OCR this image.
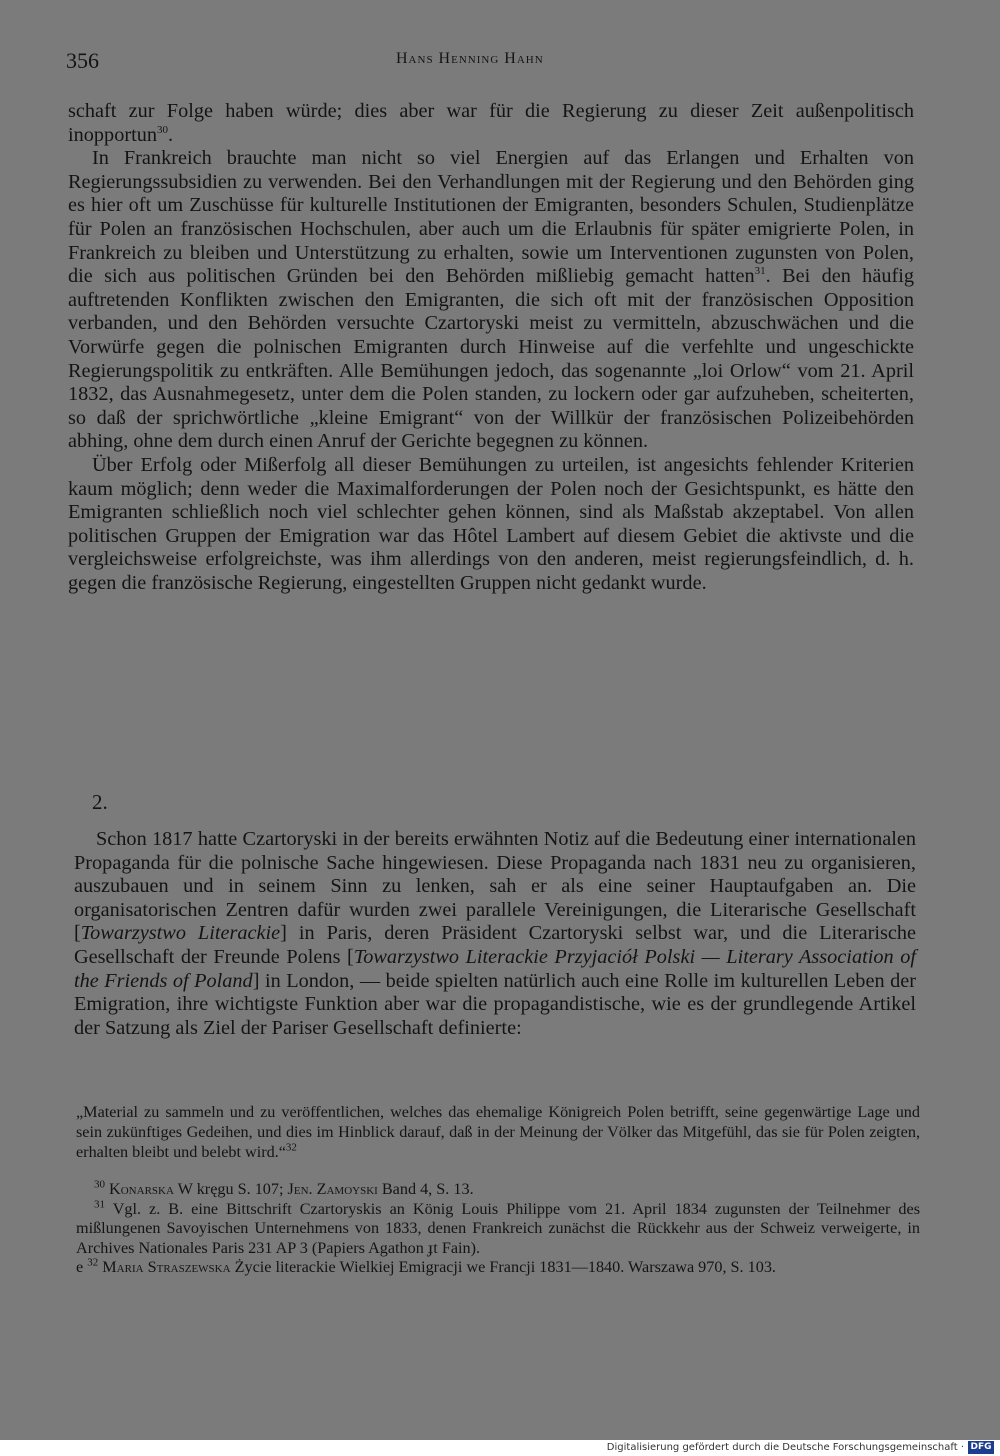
356	Hans Henning Hahn

schaft zur Folge haben würde; dies aber war für die Regierung zu dieser Zeit außenpolitisch inopportun$^{30}$.

In Frankreich brauchte man nicht so viel Energien auf das Erlangen und Erhalten von Regierungssubsidien zu verwenden. Bei den Verhandlungen mit der Regierung und den Behörden ging es hier oft um Zuschüsse für kulturelle Institutionen der Emigranten, besonders Schulen, Studienplätze für Polen an französischen Hochschulen, aber auch um die Erlaubnis für später emigrierte Polen, in Frankreich zu bleiben und Unterstützung zu erhalten, sowie um Interventionen zugunsten von Polen, die sich aus politischen Gründen bei den Behörden mißliebig gemacht hatten$^{31}$. Bei den häufig auftretenden Konflikten zwischen den Emigranten, die sich oft mit der französischen Opposition verbanden, und den Behörden versuchte Czartoryski meist zu vermitteln, abzuschwächen und die Vorwürfe gegen die polnischen Emigranten durch Hinweise auf die verfehlte und ungeschickte Regierungspolitik zu entkräften. Alle Bemühungen jedoch, das sogenannte „loi Orlow“ vom 21. April 1832, das Ausnahmegesetz, unter dem die Polen standen, zu lockern oder gar aufzuheben, scheiterten, so daß der sprichwörtliche „kleine Emigrant“ von der Willkür der französischen Polizeibehörden abhing, ohne dem durch einen Anruf der Gerichte begegnen zu können.

Über Erfolg oder Mißerfolg all dieser Bemühungen zu urteilen, ist angesichts fehlender Kriterien kaum möglich; denn weder die Maximalforderungen der Polen noch der Gesichtspunkt, es hätte den Emigranten schließlich noch viel schlechter gehen können, sind als Maßstab akzeptabel. Von allen politischen Gruppen der Emigration war das Hôtel Lambert auf diesem Gebiet die aktivste und die vergleichsweise erfolgreichste, was ihm allerdings von den anderen, meist regierungsfeindlich, d. h. gegen die französische Regierung, eingestellten Gruppen nicht gedankt wurde.

2.

Schon 1817 hatte Czartoryski in der bereits erwähnten Notiz auf die Bedeutung einer internationalen Propaganda für die polnische Sache hingewiesen. Diese Propaganda nach 1831 neu zu organisieren, auszubauen und in seinem Sinn zu lenken, sah er als eine seiner Hauptaufgaben an. Die organisatorischen Zentren dafür wurden zwei parallele Vereinigungen, die Literarische Gesellschaft [Towarzystwo Literackie] in Paris, deren Präsident Czartoryski selbst war, und die Literarische Gesellschaft der Freunde Polens [Towarzystwo Literackie Przyjaciół Polski — Literary Association of the Friends of Poland] in London, — beide spielten natürlich auch eine Rolle im kulturellen Leben der Emigration, ihre wichtigste Funktion aber war die propagandistische, wie es der grundlegende Artikel der Satzung als Ziel der Pariser Gesellschaft definierte:

„Material zu sammeln und zu veröffentlichen, welches das ehemalige Königreich Polen betrifft, seine gegenwärtige Lage und sein zukünftiges Gedeihen, und dies im Hinblick darauf, daß in der Meinung der Völker das Mitgefühl, das sie für Polen zeigten, erhalten bleibt und belebt wird.“$^{32}$

$^{30}$ Konarska W kręgu S. 107; Jen. Zamoyski Band 4, S. 13.

$^{31}$ Vgl. z. B. eine Bittschrift Czartoryskis an König Louis Philippe vom 21. April 1834 zugunsten der Teilnehmer des mißlungenen Savoyischen Unternehmens von 1833, denen Frankreich zunächst die Rückkehr aus der Schweiz verweigerte, in Archives Nationales Paris 231 AP 3 (Papiers Agathon ɟt Fain).

e $^{32}$ Maria Straszewska Życie literackie Wielkiej Emigracji we Francji 1831—1840. Warszawa 970, S. 103.

Digitalisierung gefördert durch die Deutsche Forschungsgemeinschaft · DFG
